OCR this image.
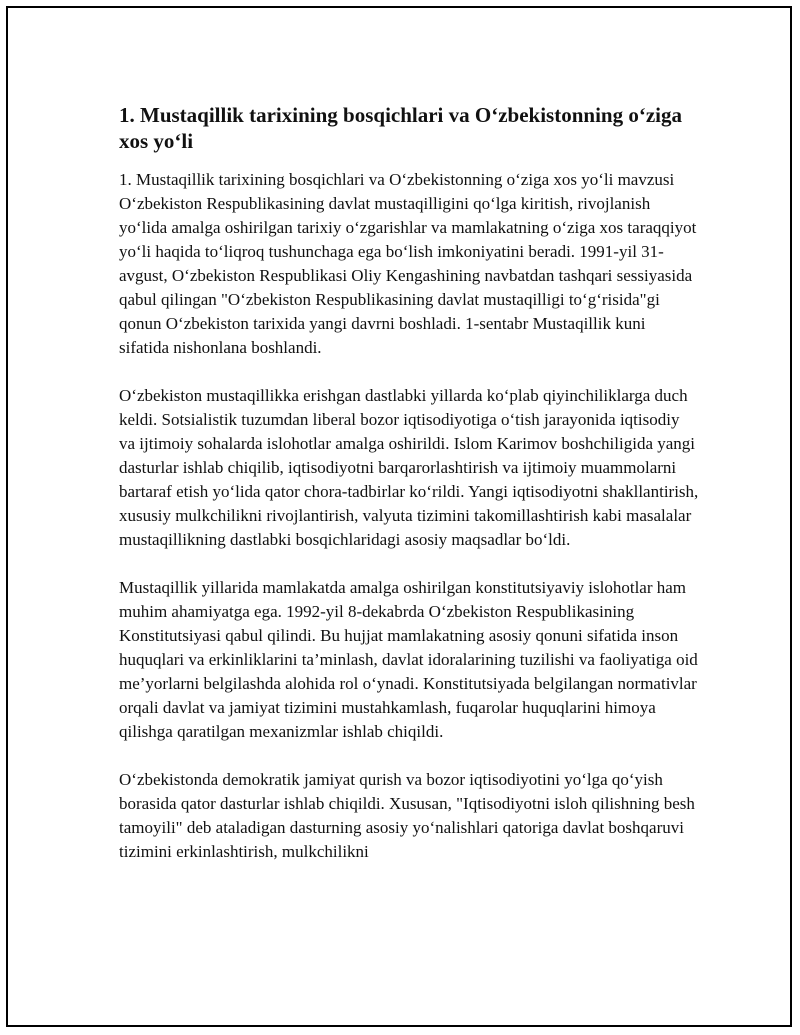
1. Mustaqillik tarixining bosqichlari va O‘zbekistonning o‘ziga xos yo‘li

1. Mustaqillik tarixining bosqichlari va O‘zbekistonning o‘ziga xos yo‘li mavzusi O‘zbekiston Respublikasining davlat mustaqilligini qo‘lga kiritish, rivojlanish yo‘lida amalga oshirilgan tarixiy o‘zgarishlar va mamlakatning o‘ziga xos taraqqiyot yo‘li haqida to‘liqroq tushunchaga ega bo‘lish imkoniyatini beradi. 1991-yil 31-avgust, O‘zbekiston Respublikasi Oliy Kengashining navbatdan tashqari sessiyasida qabul qilingan "O‘zbekiston Respublikasining davlat mustaqilligi to‘g‘risida"gi qonun O‘zbekiston tarixida yangi davrni boshladi. 1-sentabr Mustaqillik kuni sifatida nishonlana boshlandi.

O‘zbekiston mustaqillikka erishgan dastlabki yillarda ko‘plab qiyinchiliklarga duch keldi. Sotsialistik tuzumdan liberal bozor iqtisodiyotiga o‘tish jarayonida iqtisodiy va ijtimoiy sohalarda islohotlar amalga oshirildi. Islom Karimov boshchiligida yangi dasturlar ishlab chiqilib, iqtisodiyotni barqarorlashtirish va ijtimoiy muammolarni bartaraf etish yo‘lida qator chora-tadbirlar ko‘rildi. Yangi iqtisodiyotni shakllantirish, xususiy mulkchilikni rivojlantirish, valyuta tizimini takomillashtirish kabi masalalar mustaqillikning dastlabki bosqichlaridagi asosiy maqsadlar bo‘ldi.

Mustaqillik yillarida mamlakatda amalga oshirilgan konstitutsiyaviy islohotlar ham muhim ahamiyatga ega. 1992-yil 8-dekabrda O‘zbekiston Respublikasining Konstitutsiyasi qabul qilindi. Bu hujjat mamlakatning asosiy qonuni sifatida inson huquqlari va erkinliklarini ta’minlash, davlat idoralarining tuzilishi va faoliyatiga oid me’yorlarni belgilashda alohida rol o‘ynadi. Konstitutsiyada belgilangan normativlar orqali davlat va jamiyat tizimini mustahkamlash, fuqarolar huquqlarini himoya qilishga qaratilgan mexanizmlar ishlab chiqildi.

O‘zbekistonda demokratik jamiyat qurish va bozor iqtisodiyotini yo‘lga qo‘yish borasida qator dasturlar ishlab chiqildi. Xususan, "Iqtisodiyotni isloh qilishning besh tamoyili" deb ataladigan dasturning asosiy yo‘nalishlari qatoriga davlat boshqaruvi tizimini erkinlashtirish, mulkchilikni
